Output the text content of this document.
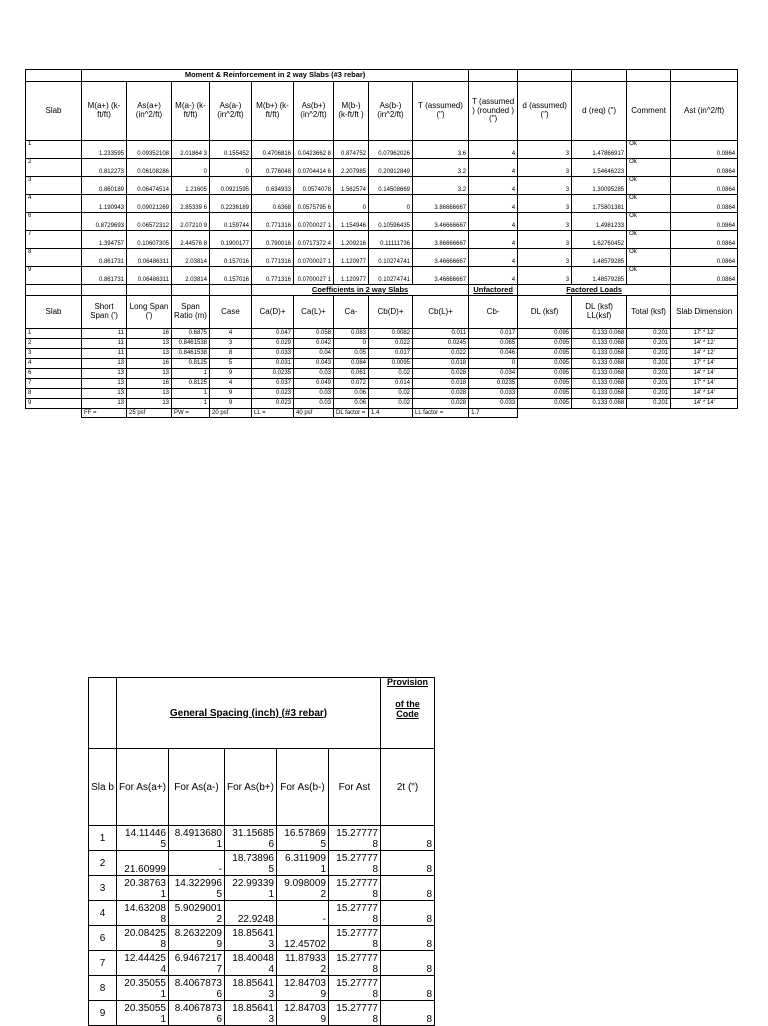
	Moment & Reinforcement in 2 way Slabs (#3 rebar)													
Slab	M(a+) (k-ft/ft)	As(a+) (in^2/ft)	M(a-) (k-ft/ft)	As(a-) (in^2/ft)	M(b+) (k-ft/ft)	As(b+) (in^2/ft)	M(b-) (k-ft/ft )	As(b-) (in^2/ft)	T (assumed) (")	T (assumed ) (rounded ) (")	d (assumed) (")	d (req) (")	Comment	Ast (in^2/ft)
1	1.233595	0.09352108	2.01864 3	0.155452	0.4706816	0.0423662 8	0.874752	0.07962026	3.6	4	3	1.47866917	Ok	0.0864
2	0.812273	0.06108286	0	0	0.776048	0.0704414 6	2.207985	0.20912849	3.2	4	3	1.54646223	Ok	0.0864
3	0.860189	0.06474514	1.21605	0.0921595	0.634933	0.0574078	1.562574	0.14508669	3.2	4	3	1.30095285	Ok	0.0864
4	1.190943	0.09021269	2.85339 6	0.2236189	0.6368	0.0575795 6	0	0	3.86666667	4	3	1.75801381	Ok	0.0864
6	0.8729693	0.06572312	2.07210 9	0.159744	0.771316	0.0700027 1	1.154946	0.10596435	3.46666667	4	3	1.4981233	Ok	0.0864
7	1.394757	0.10607305	2.44576 8	0.1900177	0.790016	0.0717372 4	1.209216	0.11111736	3.86666667	4	3	1.62760452	Ok	0.0864
8	0.861731	0.06486311	2.03814	0.157016	0.771316	0.0700027 1	1.120977	0.10274741	3.46666667	4	3	1.48579285	Ok	0.0864
9	0.861731	0.06486311	2.03814	0.157016	0.771316	0.0700027 1	1.120977	0.10274741	3.46666667	4	3	1.48579285	Ok	0.0864
					Coefficients in 2 way Slabs					Unfactored	Factored Loads			
Slab	Short Span (')	Long Span (')	Span Ratio (m)	Case	Ca(D)+	Ca(L)+	Ca-	Cb(D)+	Cb(L)+	Cb-	DL (ksf)	DL (ksf) LL(ksf)	Total (ksf)	Slab Dimension
1	11	16	0.6875	4	0.047	0.058	0.083	0.0082	0.011	0.017	0.095	0.133 0.068	0.201	17' * 12'
2	11	13	0.8461538	3	0.029	0.042	0	0.022	0.0245	0.065	0.095	0.133 0.068	0.201	14' * 12'
3	11	13	0.8461538	8	0.033	0.04	0.05	0.017	0.022	0.046	0.095	0.133 0.068	0.201	14' * 12'
4	13	16	0.8125	5	0.031	0.043	0.084	0.0095	0.018	0	0.095	0.133 0.068	0.201	17' * 14'
6	13	13	1	9	0.0235	0.03	0.061	0.02	0.028	0.034	0.095	0.133 0.068	0.201	14' * 14'
7	13	16	0.8125	4	0.037	0.049	0.072	0.014	0.018	0.0235	0.095	0.133 0.068	0.201	17' * 14'
8	13	13	1	9	0.023	0.03	0.06	0.02	0.028	0.033	0.095	0.133 0.068	0.201	14' * 14'
9	13	13	1	9	0.023	0.03	0.06	0.02	0.028	0.033	0.095	0.133 0.068	0.201	14' * 14'
	FF =	25 psf	PW =	20 psf	LL =	40 psf	DL factor =	1.4	LL factor =	1.7				
	General Spacing (inch) (#3 rebar)					Provision
of the Code

Sla b	For As(a+)	For As(a-)	For As(b+)	For As(b-)	For Ast	2t (")
1	14.11446 5	8.4913680 1	31.15685 6	16.57869 5	15.27777 8	8
2	21.60999	-	18.73896 5	6.311909 1	15.27777 8	8
3	20.38763 1	14.322996 5	22.99339 1	9.098009 2	15.27777 8	8
4	14.63208 8	5.9029001 2	22.9248	-	15.27777 8	8
6	20.08425 8	8.2632209 9	18.85641 3	12.45702	15.27777 8	8
7	12.44425 4	6.9467217 7	18.40048 4	11.87933 2	15.27777 8	8
8	20.35055 1	8.4067873 6	18.85641 3	12.84703 9	15.27777 8	8
9	20.35055 1	8.4067873 6	18.85641 3	12.84703 9	15.27777 8	8
